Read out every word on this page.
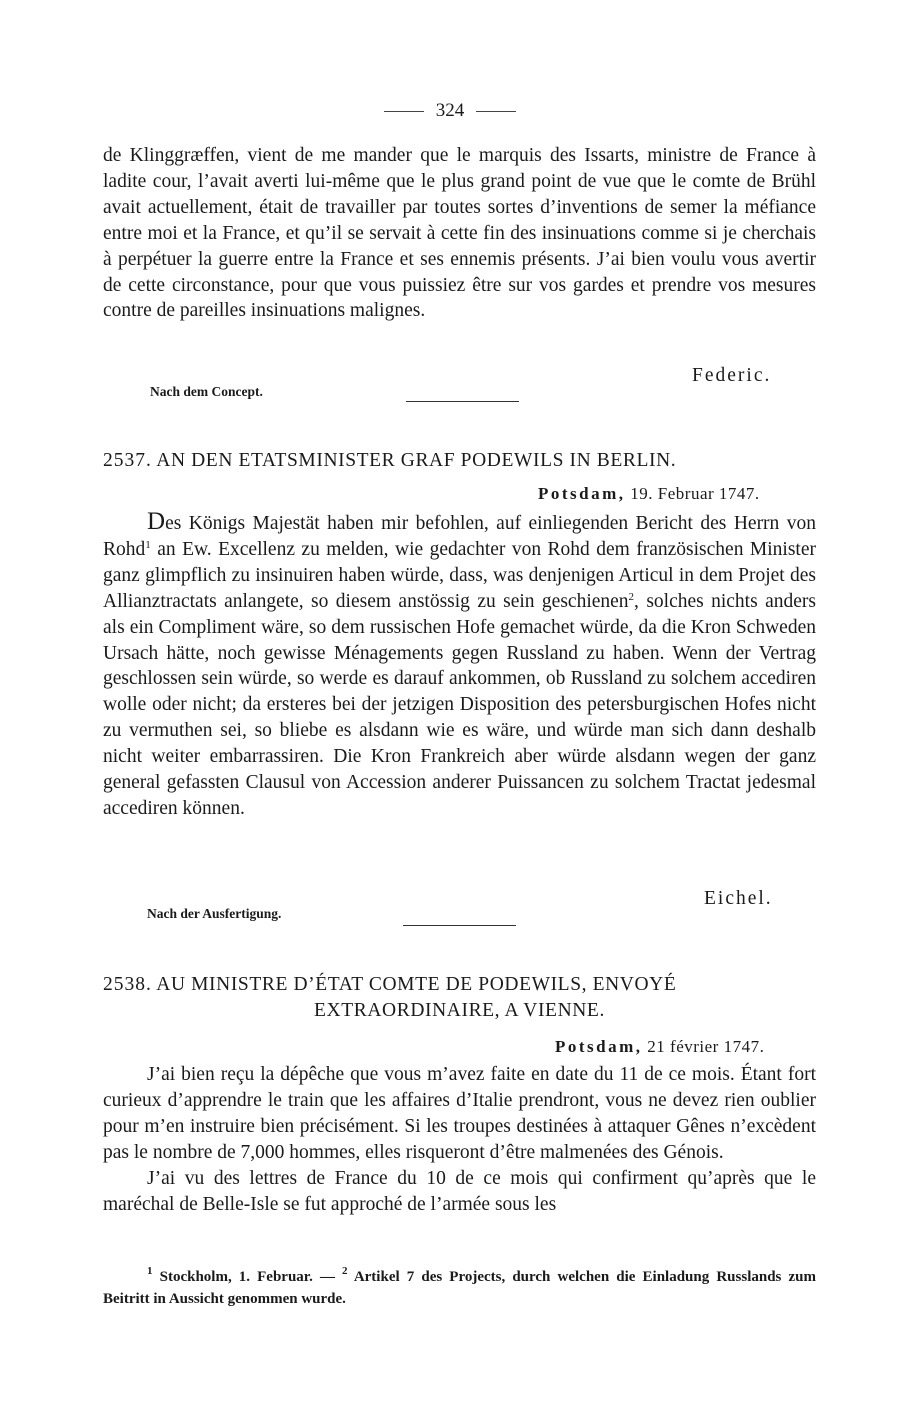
324

de Klinggræffen, vient de me mander que le marquis des Issarts, ministre de France à ladite cour, l’avait averti lui-même que le plus grand point de vue que le comte de Brühl avait actuellement, était de travailler par toutes sortes d’inventions de semer la méfiance entre moi et la France, et qu’il se servait à cette fin des insinuations comme si je cherchais à perpétuer la guerre entre la France et ses ennemis présents. J’ai bien voulu vous avertir de cette circonstance, pour que vous puissiez être sur vos gardes et prendre vos mesures contre de pareilles insinuations malignes.

Federic.
Nach dem Concept.
2537. AN DEN ETATSMINISTER GRAF PODEWILS IN BERLIN.
Potsdam, 19. Februar 1747.

Des Königs Majestät haben mir befohlen, auf einliegenden Bericht des Herrn von Rohd$^1$ an Ew. Excellenz zu melden, wie gedachter von Rohd dem französischen Minister ganz glimpflich zu insinuiren haben würde, dass, was denjenigen Articul in dem Projet des Allianztractats anlangete, so diesem anstössig zu sein geschienen$^2$, solches nichts anders als ein Compliment wäre, so dem russischen Hofe gemachet würde, da die Kron Schweden Ursach hätte, noch gewisse Ménagements gegen Russland zu haben. Wenn der Vertrag geschlossen sein würde, so werde es darauf ankommen, ob Russland zu solchem accediren wolle oder nicht; da ersteres bei der jetzigen Disposition des petersburgischen Hofes nicht zu vermuthen sei, so bliebe es alsdann wie es wäre, und würde man sich dann deshalb nicht weiter embarrassiren. Die Kron Frankreich aber würde alsdann wegen der ganz general gefassten Clausul von Accession anderer Puissancen zu solchem Tractat jedesmal accediren können.

Eichel.
Nach der Ausfertigung.
2538. AU MINISTRE D’ÉTAT COMTE DE PODEWILS, ENVOYÉ
EXTRAORDINAIRE, A VIENNE.
Potsdam, 21 février 1747.

J’ai bien reçu la dépêche que vous m’avez faite en date du 11 de ce mois. Étant fort curieux d’apprendre le train que les affaires d’Italie prendront, vous ne devez rien oublier pour m’en instruire bien précisément. Si les troupes destinées à attaquer Gênes n’excèdent pas le nombre de 7,000 hommes, elles risqueront d’être malmenées des Génois.

J’ai vu des lettres de France du 10 de ce mois qui confirment qu’après que le maréchal de Belle-Isle se fut approché de l’armée sous les

$^1$ Stockholm, 1. Februar. — $^2$ Artikel 7 des Projects, durch welchen die Einladung Russlands zum Beitritt in Aussicht genommen wurde.
